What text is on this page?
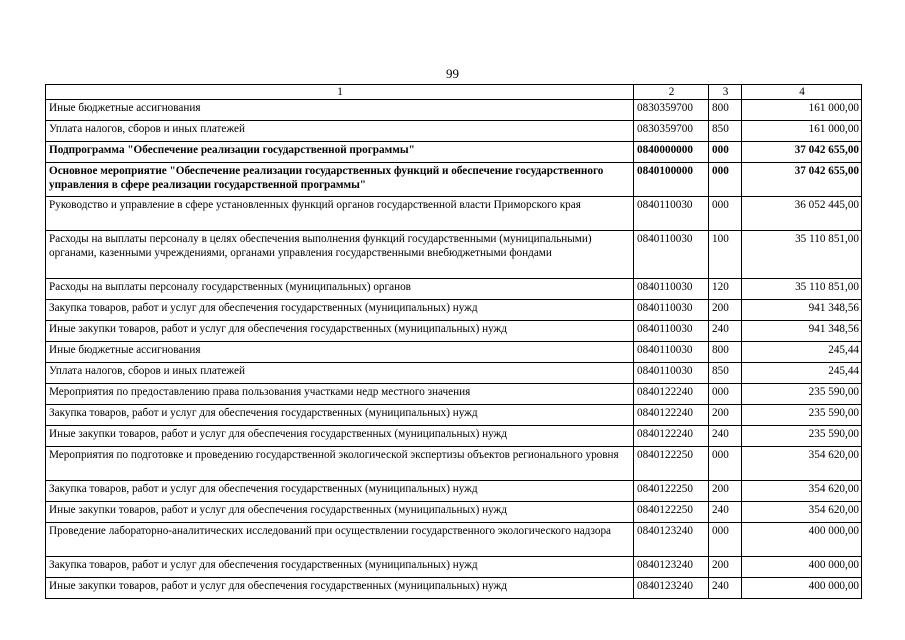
99
1	2	3	4
Иные бюджетные ассигнования	0830359700	800	161 000,00
Уплата налогов, сборов и иных платежей	0830359700	850	161 000,00
Подпрограмма "Обеспечение реализации государственной программы"	0840000000	000	37 042 655,00
Основное мероприятие "Обеспечение реализации государственных функций и обеспечение государственного управления в сфере реализации государственной программы"	0840100000	000	37 042 655,00
Руководство и управление в сфере установленных функций органов государственной власти Приморского края	0840110030	000	36 052 445,00
Расходы на выплаты персоналу в целях обеспечения выполнения функций государственными (муниципальными) органами, казенными учреждениями, органами управления государственными внебюджетными фондами	0840110030	100	35 110 851,00
Расходы на выплаты персоналу государственных (муниципальных) органов	0840110030	120	35 110 851,00
Закупка товаров, работ и услуг для обеспечения государственных (муниципальных) нужд	0840110030	200	941 348,56
Иные закупки товаров, работ и услуг для обеспечения государственных (муниципальных) нужд	0840110030	240	941 348,56
Иные бюджетные ассигнования	0840110030	800	245,44
Уплата налогов, сборов и иных платежей	0840110030	850	245,44
Мероприятия по предоставлению права пользования участками недр местного значения	0840122240	000	235 590,00
Закупка товаров, работ и услуг для обеспечения государственных (муниципальных) нужд	0840122240	200	235 590,00
Иные закупки товаров, работ и услуг для обеспечения государственных (муниципальных) нужд	0840122240	240	235 590,00
Мероприятия по подготовке и проведению государственной экологической экспертизы объектов регионального уровня	0840122250	000	354 620,00
Закупка товаров, работ и услуг для обеспечения государственных (муниципальных) нужд	0840122250	200	354 620,00
Иные закупки товаров, работ и услуг для обеспечения государственных (муниципальных) нужд	0840122250	240	354 620,00
Проведение лабораторно-аналитических исследований при осуществлении государственного экологического надзора	0840123240	000	400 000,00
Закупка товаров, работ и услуг для обеспечения государственных (муниципальных) нужд	0840123240	200	400 000,00
Иные закупки товаров, работ и услуг для обеспечения государственных (муниципальных) нужд	0840123240	240	400 000,00
